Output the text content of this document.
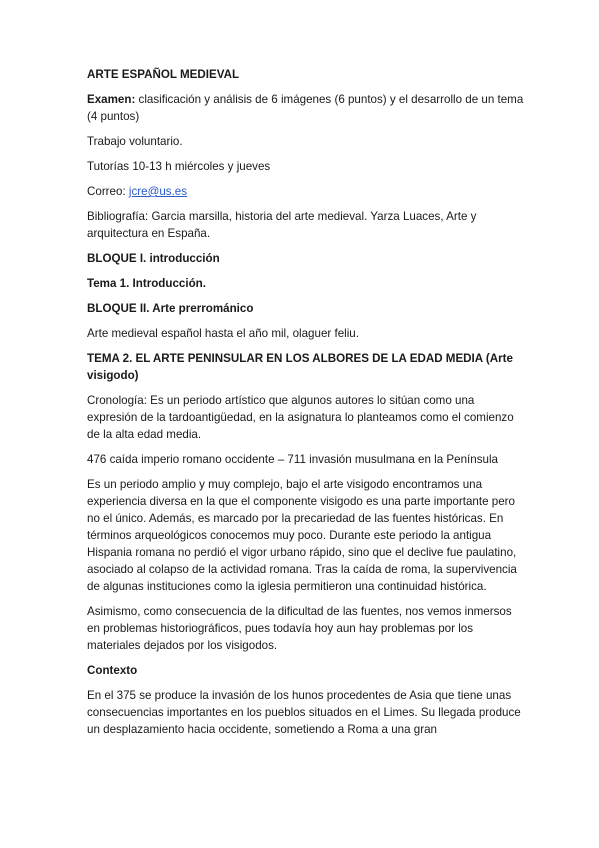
ARTE ESPAÑOL MEDIEVAL
Examen: clasificación y análisis de 6 imágenes (6 puntos) y el desarrollo de un tema (4 puntos)
Trabajo voluntario.
Tutorías 10-13 h miércoles y jueves
Correo: jcre@us.es
Bibliografía: Garcia marsilla, historia del arte medieval. Yarza Luaces, Arte y arquitectura en España.
BLOQUE I. introducción
Tema 1. Introducción.
BLOQUE II. Arte prerrománico
Arte medieval español hasta el año mil, olaguer feliu.
TEMA 2. EL ARTE PENINSULAR EN LOS ALBORES DE LA EDAD MEDIA (Arte visigodo)
Cronología: Es un periodo artístico que algunos autores lo sitúan como una expresión de la tardoantigüedad, en la asignatura lo planteamos como el comienzo de la alta edad media.
476 caída imperio romano occidente – 711 invasión musulmana en la Península
Es un periodo amplio y muy complejo, bajo el arte visigodo encontramos una experiencia diversa en la que el componente visigodo es una parte importante pero no el único. Además, es marcado por la precariedad de las fuentes históricas. En términos arqueológicos conocemos muy poco. Durante este periodo la antigua Hispania romana no perdió el vigor urbano rápido, sino que el declive fue paulatino, asociado al colapso de la actividad romana. Tras la caída de roma, la supervivencia de algunas instituciones como la iglesia permitieron una continuidad histórica.
Asimismo, como consecuencia de la dificultad de las fuentes, nos vemos inmersos en problemas historiográficos, pues todavía hoy aun hay problemas por los materiales dejados por los visigodos.
Contexto
En el 375 se produce la invasión de los hunos procedentes de Asia que tiene unas consecuencias importantes en los pueblos situados en el Limes. Su llegada produce un desplazamiento hacia occidente, sometiendo a Roma a una gran
